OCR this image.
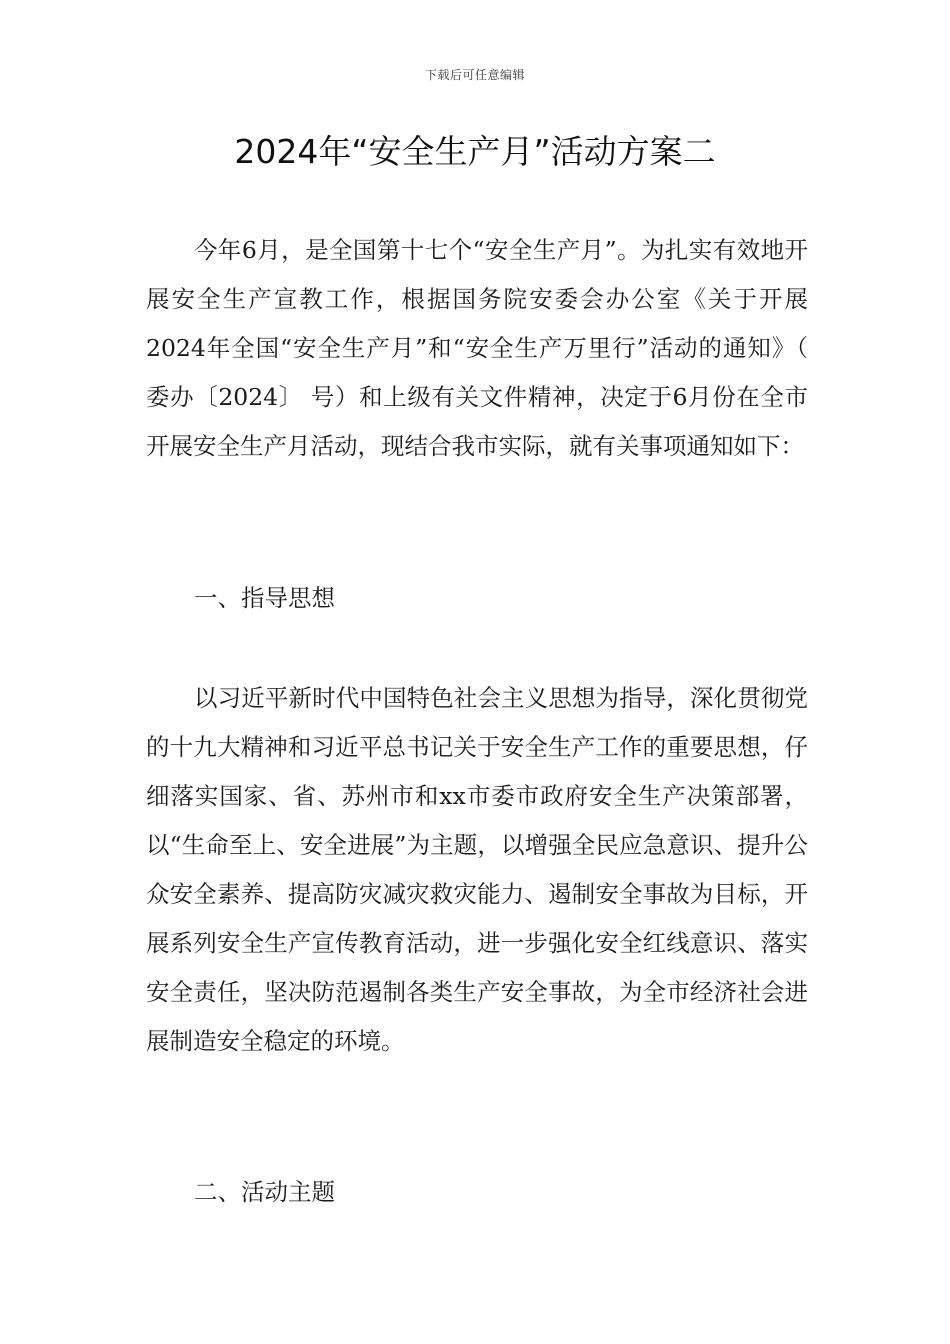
下载后可任意编辑
2024年“安全生产月”活动方案二

今年6月，是全国第十七个“安全生产月”。为扎实有效地开展安全生产宣教工作，根据国务院安委会办公室《关于开展2024年全国“安全生产月”和“安全生产万里行”活动的通知》（ 委办〔2024〕 号）和上级有关文件精神，决定于6月份在全市开展安全生产月活动，现结合我市实际，就有关事项通知如下：

一、指导思想

以习近平新时代中国特色社会主义思想为指导，深化贯彻党的十九大精神和习近平总书记关于安全生产工作的重要思想，仔细落实国家、省、苏州市和xx市委市政府安全生产决策部署，以“生命至上、安全进展”为主题，以增强全民应急意识、提升公众安全素养、提高防灾减灾救灾能力、遏制安全事故为目标，开展系列安全生产宣传教育活动，进一步强化安全红线意识、落实安全责任，坚决防范遏制各类生产安全事故，为全市经济社会进展制造安全稳定的环境。

二、活动主题
